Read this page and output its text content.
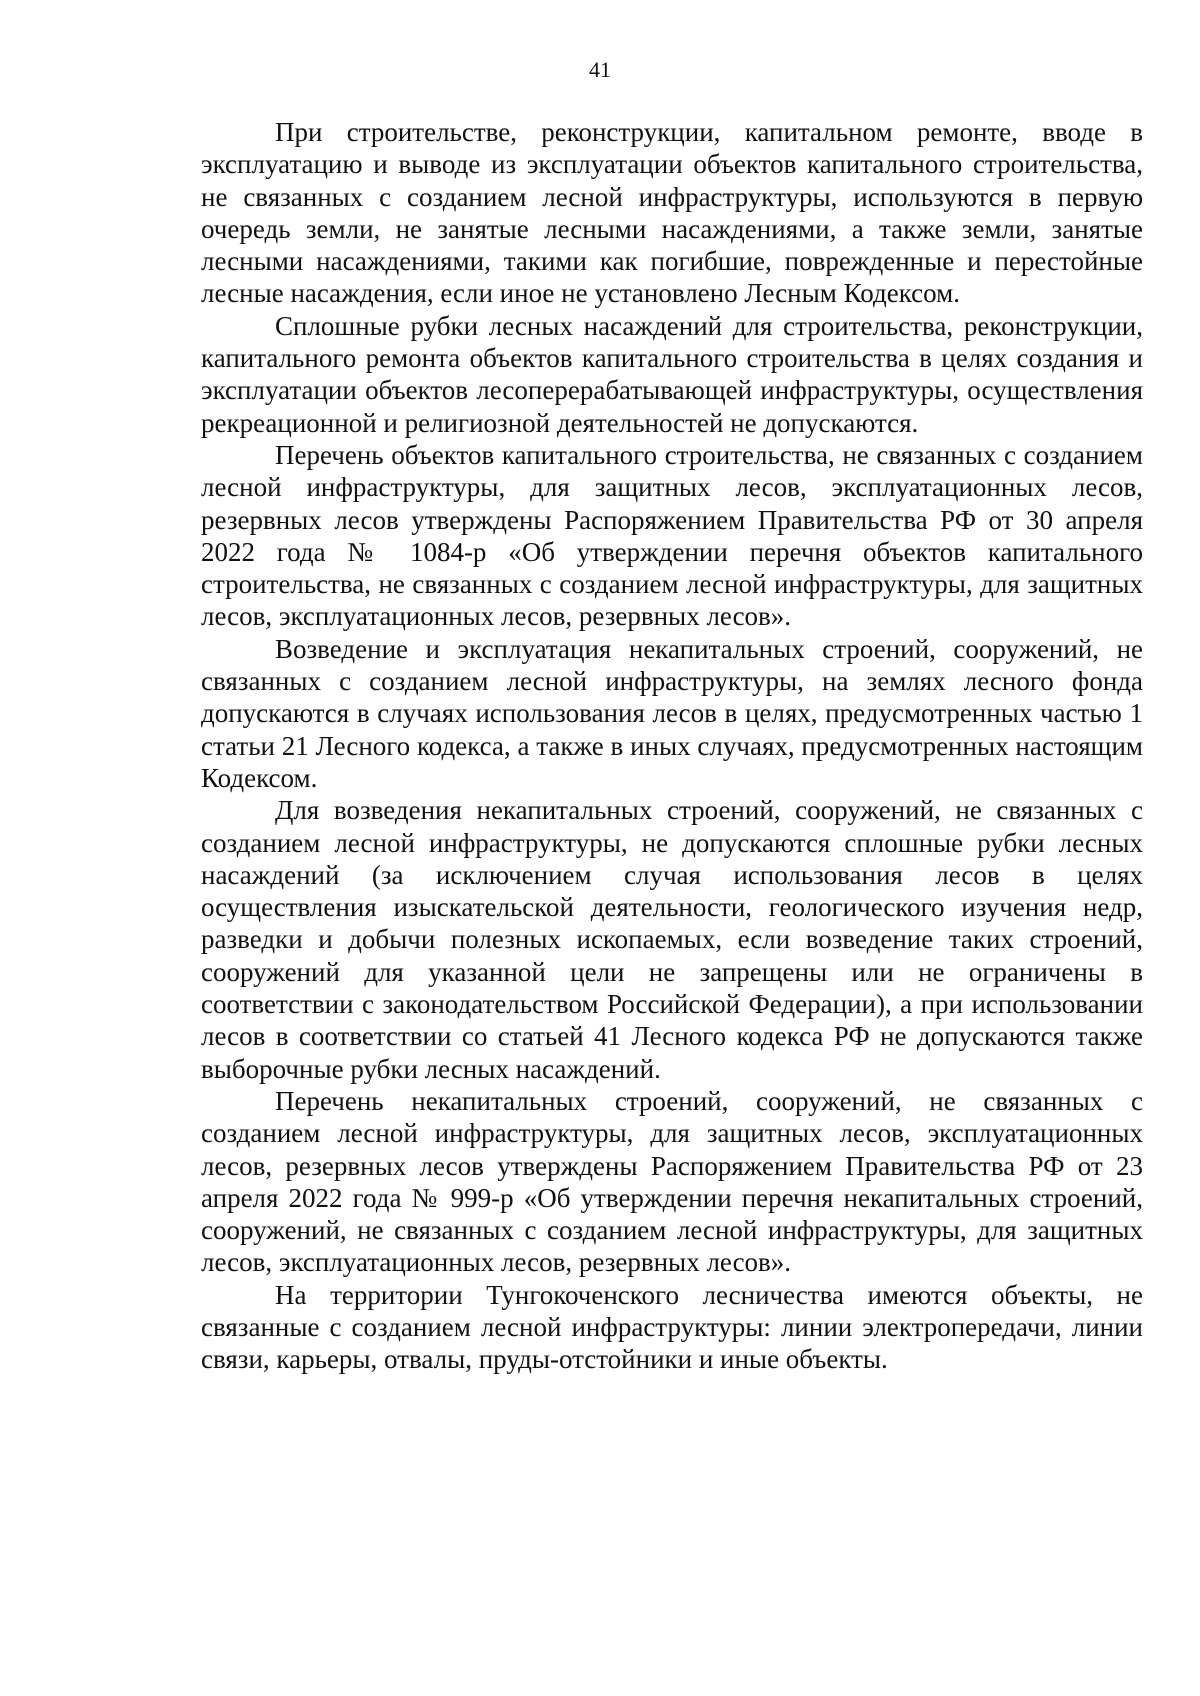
41

При строительстве, реконструкции, капитальном ремонте, вводе в эксплуатацию и выводе из эксплуатации объектов капитального строительства, не связанных с созданием лесной инфраструктуры, используются в первую очередь земли, не занятые лесными насаждениями, а также земли, занятые лесными насаждениями, такими как погибшие, поврежденные и перестойные лесные насаждения, если иное не установлено Лесным Кодексом.

Сплошные рубки лесных насаждений для строительства, реконструкции, капитального ремонта объектов капитального строительства в целях создания и эксплуатации объектов лесоперерабатывающей инфраструктуры, осуществления рекреационной и религиозной деятельностей не допускаются.

Перечень объектов капитального строительства, не связанных с созданием лесной инфраструктуры, для защитных лесов, эксплуатационных лесов, резервных лесов утверждены Распоряжением Правительства РФ от 30 апреля 2022 года № 1084-р «Об утверждении перечня объектов капитального строительства, не связанных с созданием лесной инфраструктуры, для защитных лесов, эксплуатационных лесов, резервных лесов».

Возведение и эксплуатация некапитальных строений, сооружений, не связанных с созданием лесной инфраструктуры, на землях лесного фонда допускаются в случаях использования лесов в целях, предусмотренных частью 1 статьи 21 Лесного кодекса, а также в иных случаях, предусмотренных настоящим Кодексом.

Для возведения некапитальных строений, сооружений, не связанных с созданием лесной инфраструктуры, не допускаются сплошные рубки лесных насаждений (за исключением случая использования лесов в целях осуществления изыскательской деятельности, геологического изучения недр, разведки и добычи полезных ископаемых, если возведение таких строений, сооружений для указанной цели не запрещены или не ограничены в соответствии с законодательством Российской Федерации), а при использовании лесов в соответствии со статьей 41 Лесного кодекса РФ не допускаются также выборочные рубки лесных насаждений.

Перечень некапитальных строений, сооружений, не связанных с созданием лесной инфраструктуры, для защитных лесов, эксплуатационных лесов, резервных лесов утверждены Распоряжением Правительства РФ от 23 апреля 2022 года № 999-р «Об утверждении перечня некапитальных строений, сооружений, не связанных с созданием лесной инфраструктуры, для защитных лесов, эксплуатационных лесов, резервных лесов».

На территории Тунгокоченского лесничества имеются объекты, не связанные с созданием лесной инфраструктуры: линии электропередачи, линии связи, карьеры, отвалы, пруды-отстойники и иные объекты.
